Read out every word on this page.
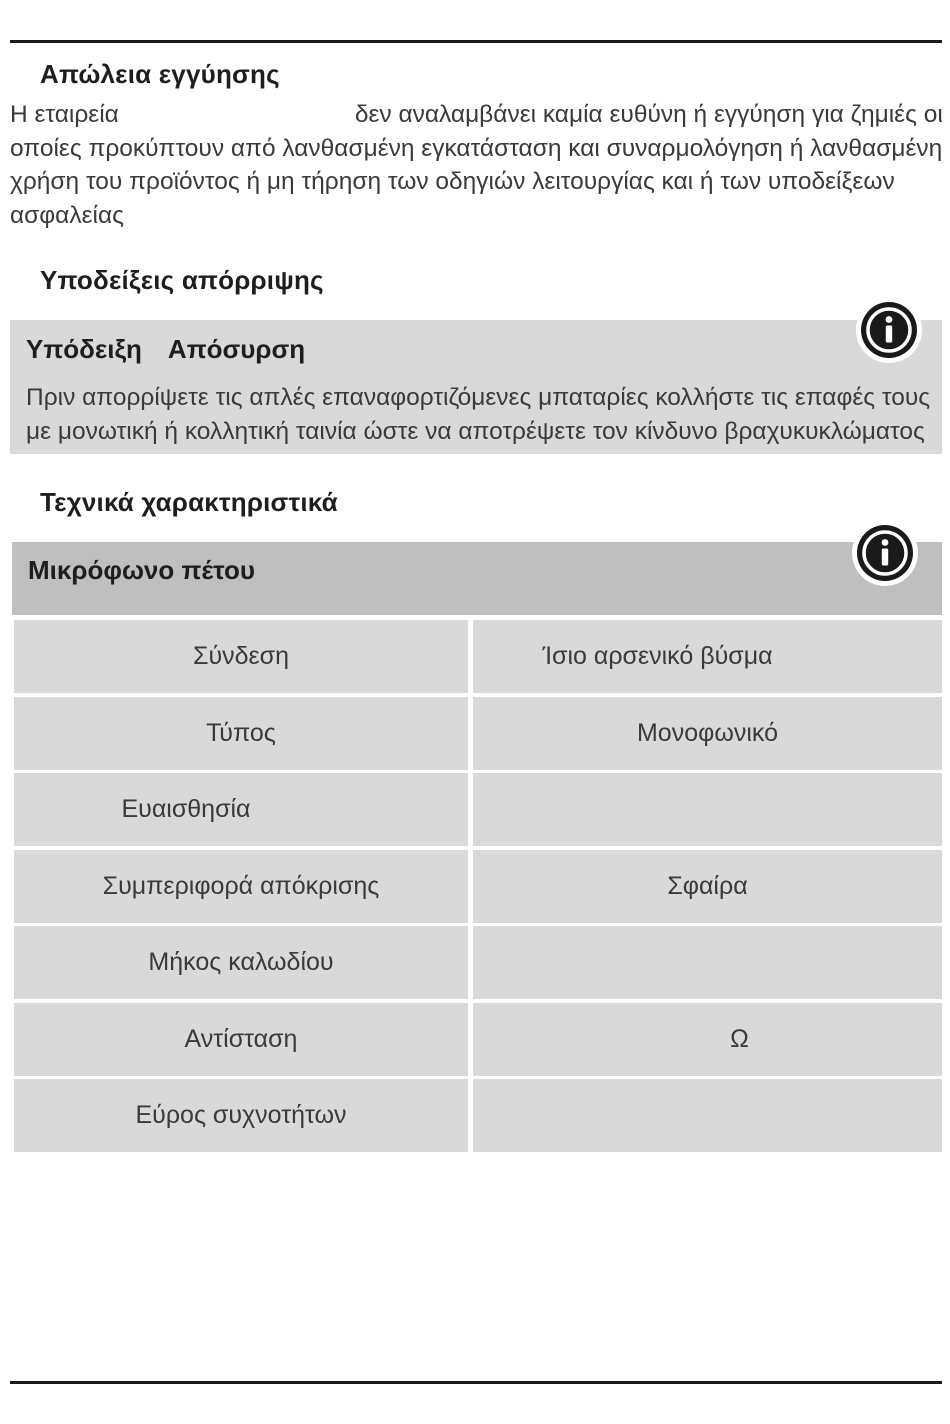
Απώλεια εγγύησης
Η εταιρεία	δεν αναλαμβάνει καμία ευθύνη ή εγγύηση για ζημιές οι οποίες προκύπτουν από λανθασμένη εγκατάσταση και συναρμολόγηση ή λανθασμένη χρήση του προϊόντος ή μη τήρηση των οδηγιών λειτουργίας και ή των υποδείξεων ασφαλείας
Υποδείξεις απόρριψης
Υπόδειξη Απόσυρση
Πριν απορρίψετε τις απλές επαναφορτιζόμενες μπαταρίες κολλήστε τις επαφές τους με μονωτική ή κολλητική ταινία ώστε να αποτρέψετε τον κίνδυνο βραχυκυκλώματος
Τεχνικά χαρακτηριστικά
Μικρόφωνο πέτου
Σύνδεση	Ίσιο αρσενικό βύσμα
Τύπος	Μονοφωνικό
Ευαισθησία
Συμπεριφορά απόκρισης	Σφαίρα
Μήκος καλωδίου
Αντίσταση	Ω
Εύρος συχνοτήτων
